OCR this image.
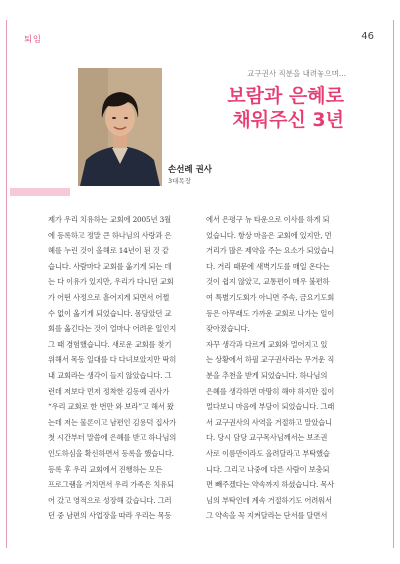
퇴임	46
교구권사 직분을 내려놓으며...
보람과 은혜로
채워주신 3년
손선례 권사
3대목장
제가 우리 치유하는 교회에 2005년 3월
에 등록하고 정말 큰 하나님의 사랑과 은
혜를 누린 것이 올해로 14년이 된 것 같
습니다. 사람마다 교회를 옮기게 되는 데
는 다 이유가 있지만, 우리가 다니던 교회
가 어떤 사정으로 흩어지게 되면서 어쩔
수 없이 옮기게 되었습니다. 몸담았던 교
회를 옮긴다는 것이 얼마나 어려운 일인지
그 때 경험했습니다. 새로운 교회를 찾기
위해서 목동 일대를 다 다녀보았지만 딱히
내 교회라는 생각이 들지 않았습니다. 그
런데 저보다 먼저 정착한 김동예 권사가
“우리 교회로 한 번만 와 보라”고 해서 왔
는데 저는 물론이고 남편인 김용덕 집사가
첫 시간부터 말씀에 은혜를 받고 하나님의
인도하심을 확신하면서 등록을 했습니다.
등록 후 우리 교회에서 진행하는 모든
프로그램을 거치면서 우리 가족은 치유되
어 갔고 영적으로 성장해 갔습니다. 그러
던 중 남편의 사업장을 따라 우리는 목동
에서 은평구 뉴 타운으로 이사를 하게 되
었습니다. 항상 마음은 교회에 있지만, 먼
거리가 많은 제약을 주는 요소가 되었습니
다. 거리 때문에 새벽기도를 매일 온다는
것이 쉽지 않았고, 교통편이 매우 불편하
여 특별기도회가 아니면 주속, 금요기도회
등은 아무래도 가까운 교회로 나가는 일이
잦아졌습니다.
자꾸 생각과 다르게 교회와 멀어지고 있
는 상황에서 하필 교구권사라는 무거운 직
분을 추천을 받게 되었습니다. 하나님의
은혜를 생각하면 마땅히 해야 하지만 집이
멀다보니 마음에 부담이 되었습니다. 그래
서 교구권사의 사역을 거절하고 말았습니
다. 당시 담당 교구목사님께서는 보조권
사로 이름만이라도 올려달라고 부탁했습
니다. 그리고 나중에 다른 사람이 보충되
면 빼주겠다는 약속까지 하셨습니다. 목사
님의 부탁인데 계속 거절하기도 어려워서
그 약속을 꼭 지켜달라는 단서를 달면서
